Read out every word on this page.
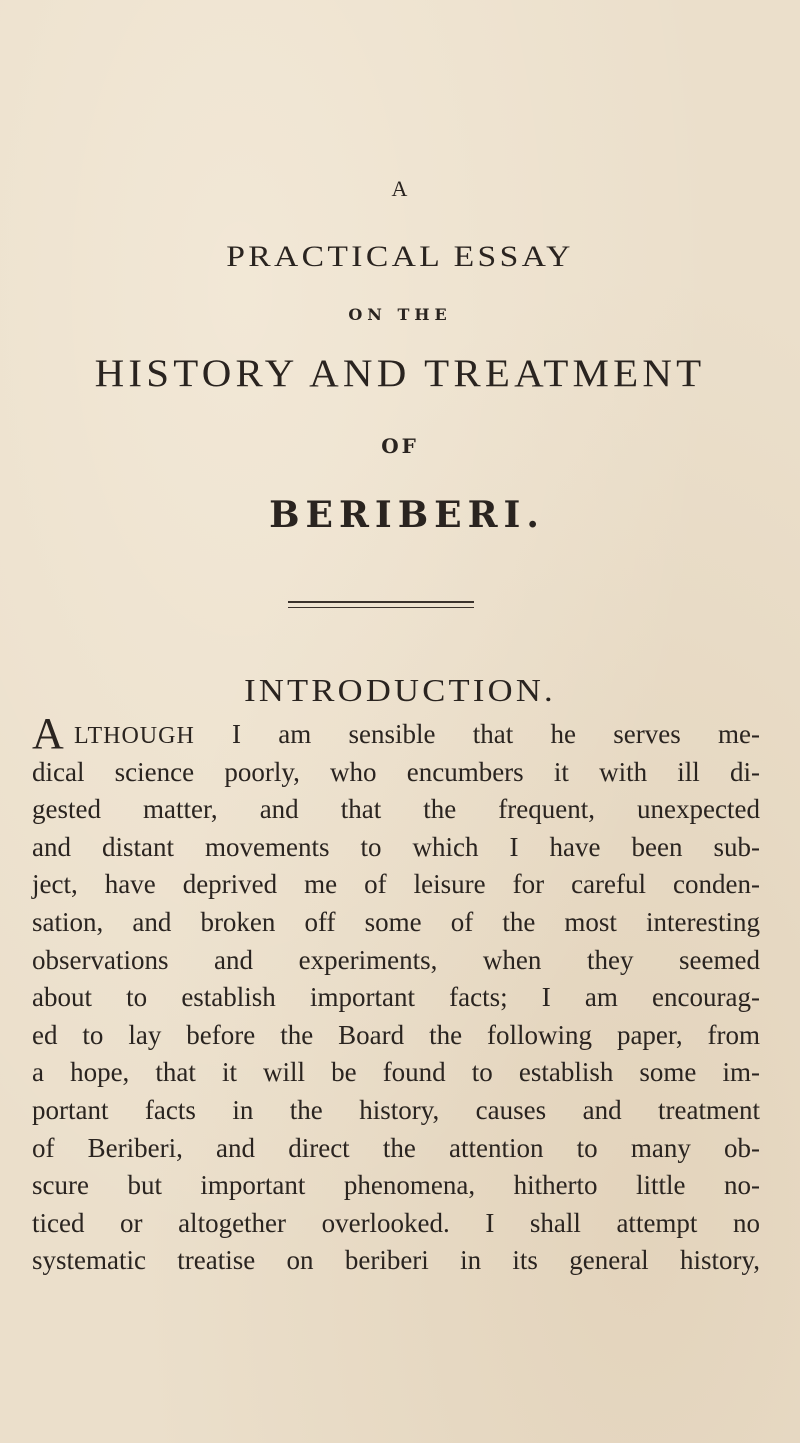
A
PRACTICAL ESSAY
ON THE
HISTORY AND TREATMENT
OF
BERIBERI.
INTRODUCTION.
A LTHOUGH I am sensible that he serves me-
dical science poorly, who encumbers it with ill di-
gested matter, and that the frequent, unexpected
and distant movements to which I have been sub-
ject, have deprived me of leisure for careful conden-
sation, and broken off some of the most interesting
observations and experiments, when they seemed
about to establish important facts; I am encourag-
ed to lay before the Board the following paper, from
a hope, that it will be found to establish some im-
portant facts in the history, causes and treatment
of Beriberi, and direct the attention to many ob-
scure but important phenomena, hitherto little no-
ticed or altogether overlooked. I shall attempt no
systematic treatise on beriberi in its general history,
